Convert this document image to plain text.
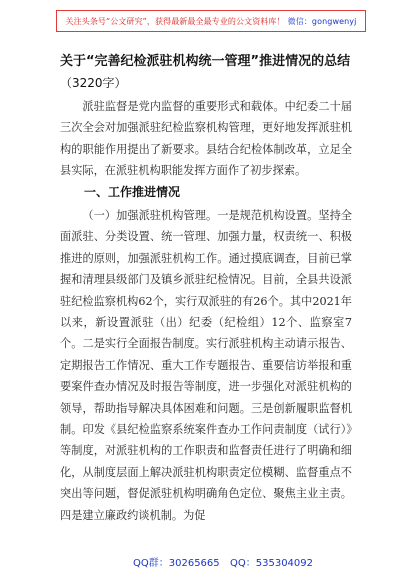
关注头条号“公文研究”，获得最新最全最专业的公文资料库！ 微信：gongwenyj
关于“完善纪检派驻机构统一管理”推进情况的总结
（3220字）

派驻监督是党内监督的重要形式和载体。中纪委二十届三次全会对加强派驻纪检监察机构管理，更好地发挥派驻机构的职能作用提出了新要求。县结合纪检体制改革，立足全县实际，在派驻机构职能发挥方面作了初步探索。

一、工作推进情况

（一）加强派驻机构管理。一是规范机构设置。坚持全面派驻、分类设置、统一管理、加强力量，权责统一、积极推进的原则，加强派驻机构工作。通过摸底调查，目前已掌握和清理县级部门及镇乡派驻纪检情况。目前，全县共设派驻纪检监察机构62个，实行双派驻的有26个。其中2021年以来，新设置派驻（出）纪委（纪检组）12个、监察室7个。二是实行全面报告制度。实行派驻机构主动请示报告、定期报告工作情况、重大工作专题报告、重要信访举报和重要案件查办情况及时报告等制度，进一步强化对派驻机构的领导，帮助指导解决具体困难和问题。三是创新履职监督机制。印发《县纪检监察系统案件查办工作问责制度（试行）》等制度，对派驻机构的工作职责和监督责任进行了明确和细化，从制度层面上解决派驻机构职责定位模糊、监督重点不突出等问题，督促派驻机构明确角色定位、聚焦主业主责。四是建立廉政约谈机制。为促

QQ群：30265665 QQ：535304092
